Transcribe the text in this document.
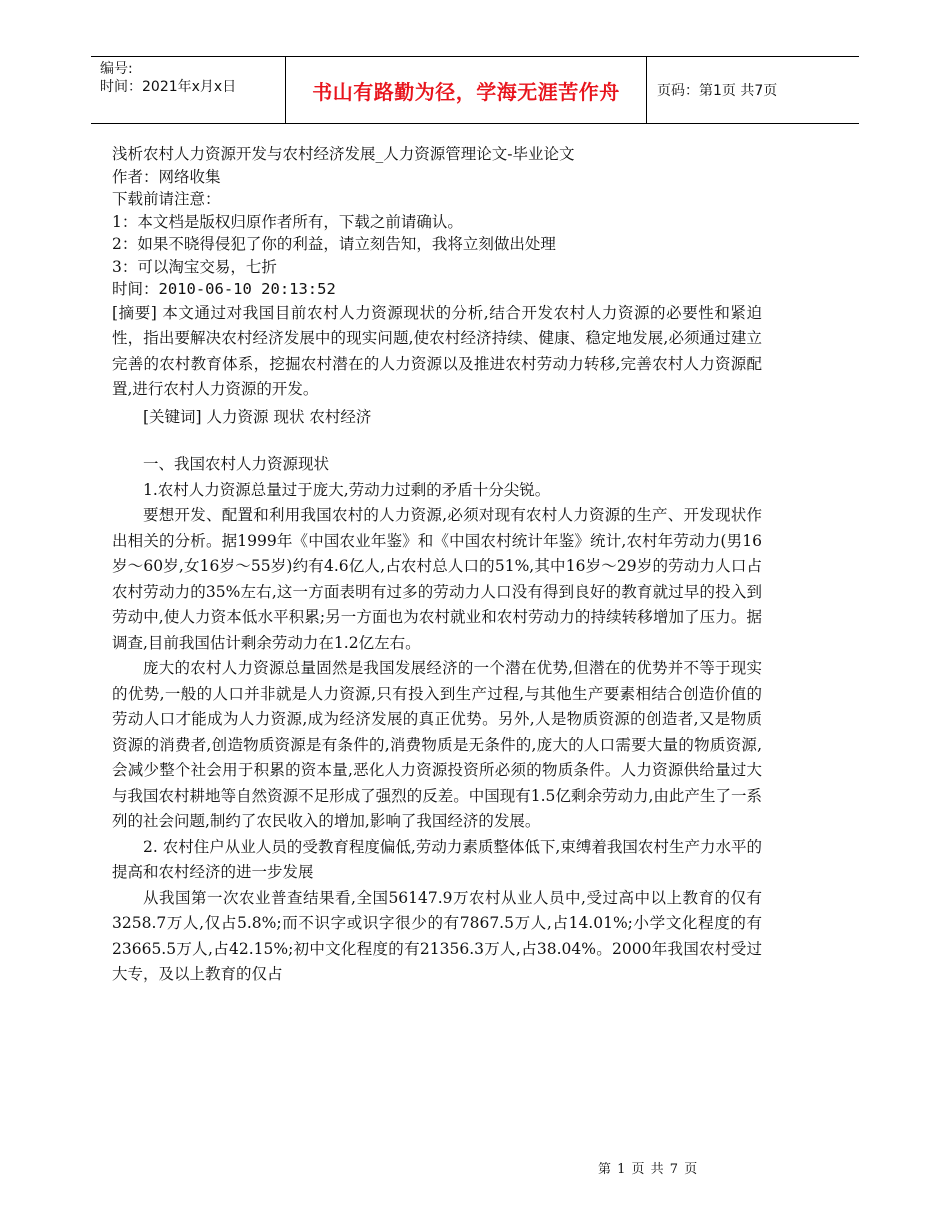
编号:
时间：2021年x月x日	书山有路勤为径，学海无涯苦作舟	页码：第1页 共7页
浅析农村人力资源开发与农村经济发展_人力资源管理论文-毕业论文
作者：网络收集
下载前请注意：
1：本文档是版权归原作者所有，下载之前请确认。
2：如果不晓得侵犯了你的利益，请立刻告知，我将立刻做出处理
3：可以淘宝交易，七折
时间：2010-06-10 20:13:52
[摘要] 本文通过对我国目前农村人力资源现状的分析,结合开发农村人力资源的必要性和紧迫性，指出要解决农村经济发展中的现实问题,使农村经济持续、健康、稳定地发展,必须通过建立完善的农村教育体系，挖掘农村潜在的人力资源以及推进农村劳动力转移,完善农村人力资源配置,进行农村人力资源的开发。
[关键词] 人力资源 现状 农村经济
一、我国农村人力资源现状
1.农村人力资源总量过于庞大,劳动力过剩的矛盾十分尖锐。
要想开发、配置和利用我国农村的人力资源,必须对现有农村人力资源的生产、开发现状作出相关的分析。据1999年《中国农业年鉴》和《中国农村统计年鉴》统计,农村年劳动力(男16岁～60岁,女16岁～55岁)约有4.6亿人,占农村总人口的51%,其中16岁～29岁的劳动力人口占农村劳动力的35%左右,这一方面表明有过多的劳动力人口没有得到良好的教育就过早的投入到劳动中,使人力资本低水平积累;另一方面也为农村就业和农村劳动力的持续转移增加了压力。据调查,目前我国估计剩余劳动力在1.2亿左右。
庞大的农村人力资源总量固然是我国发展经济的一个潜在优势,但潜在的优势并不等于现实的优势,一般的人口并非就是人力资源,只有投入到生产过程,与其他生产要素相结合创造价值的劳动人口才能成为人力资源,成为经济发展的真正优势。另外,人是物质资源的创造者,又是物质资源的消费者,创造物质资源是有条件的,消费物质是无条件的,庞大的人口需要大量的物质资源,会减少整个社会用于积累的资本量,恶化人力资源投资所必须的物质条件。人力资源供给量过大与我国农村耕地等自然资源不足形成了强烈的反差。中国现有1.5亿剩余劳动力,由此产生了一系列的社会问题,制约了农民收入的增加,影响了我国经济的发展。
2. 农村住户从业人员的受教育程度偏低,劳动力素质整体低下,束缚着我国农村生产力水平的提高和农村经济的进一步发展
从我国第一次农业普查结果看,全国56147.9万农村从业人员中,受过高中以上教育的仅有3258.7万人,仅占5.8%;而不识字或识字很少的有7867.5万人,占14.01%;小学文化程度的有23665.5万人,占42.15%;初中文化程度的有21356.3万人,占38.04%。2000年我国农村受过大专，及以上教育的仅占
第 1 页 共 7 页
